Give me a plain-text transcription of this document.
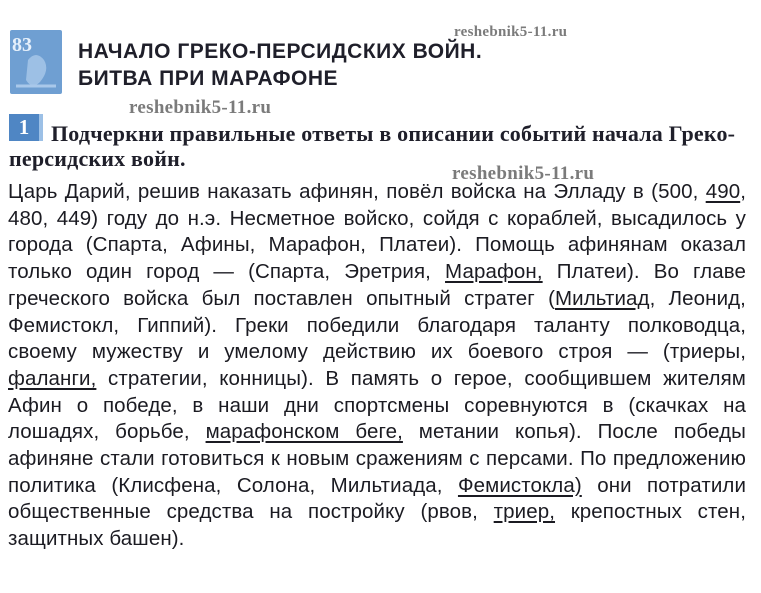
83 НАЧАЛО ГРЕКО-ПЕРСИДСКИХ ВОЙН.
БИТВА ПРИ МАРАФОНЕ
reshebnik5-11.ru
reshebnik5-11.ru
1 Подчеркни правильные ответы в описании событий начала Греко-персидских войн.
reshebnik5-11.ru
Царь Дарий, решив наказать афинян, повёл войска на Элладу в (500, 490, 480, 449) году до н.э. Несметное войско, сойдя с кораблей, высадилось у города (Спарта, Афины, Марафон, Платеи). Помощь афинянам оказал только один город — (Спарта, Эретрия, Марафон, Платеи). Во главе греческого войска был поставлен опытный стратег (Мильтиад, Леонид, Фемистокл, Гиппий). Греки победили благодаря таланту полководца, своему мужеству и умелому действию их боевого строя — (триеры, фаланги, стратегии, конницы). В память о герое, сообщившем жителям Афин о победе, в наши дни спортсмены соревнуются в (скачках на лошадях, борьбе, марафонском беге, метании копья). После победы афиняне стали готовиться к новым сражениям с персами. По предложению политика (Клисфена, Солона, Мильтиада, Фемистокла) они потратили общественные средства на постройку (рвов, триер, крепостных стен, защитных башен).
